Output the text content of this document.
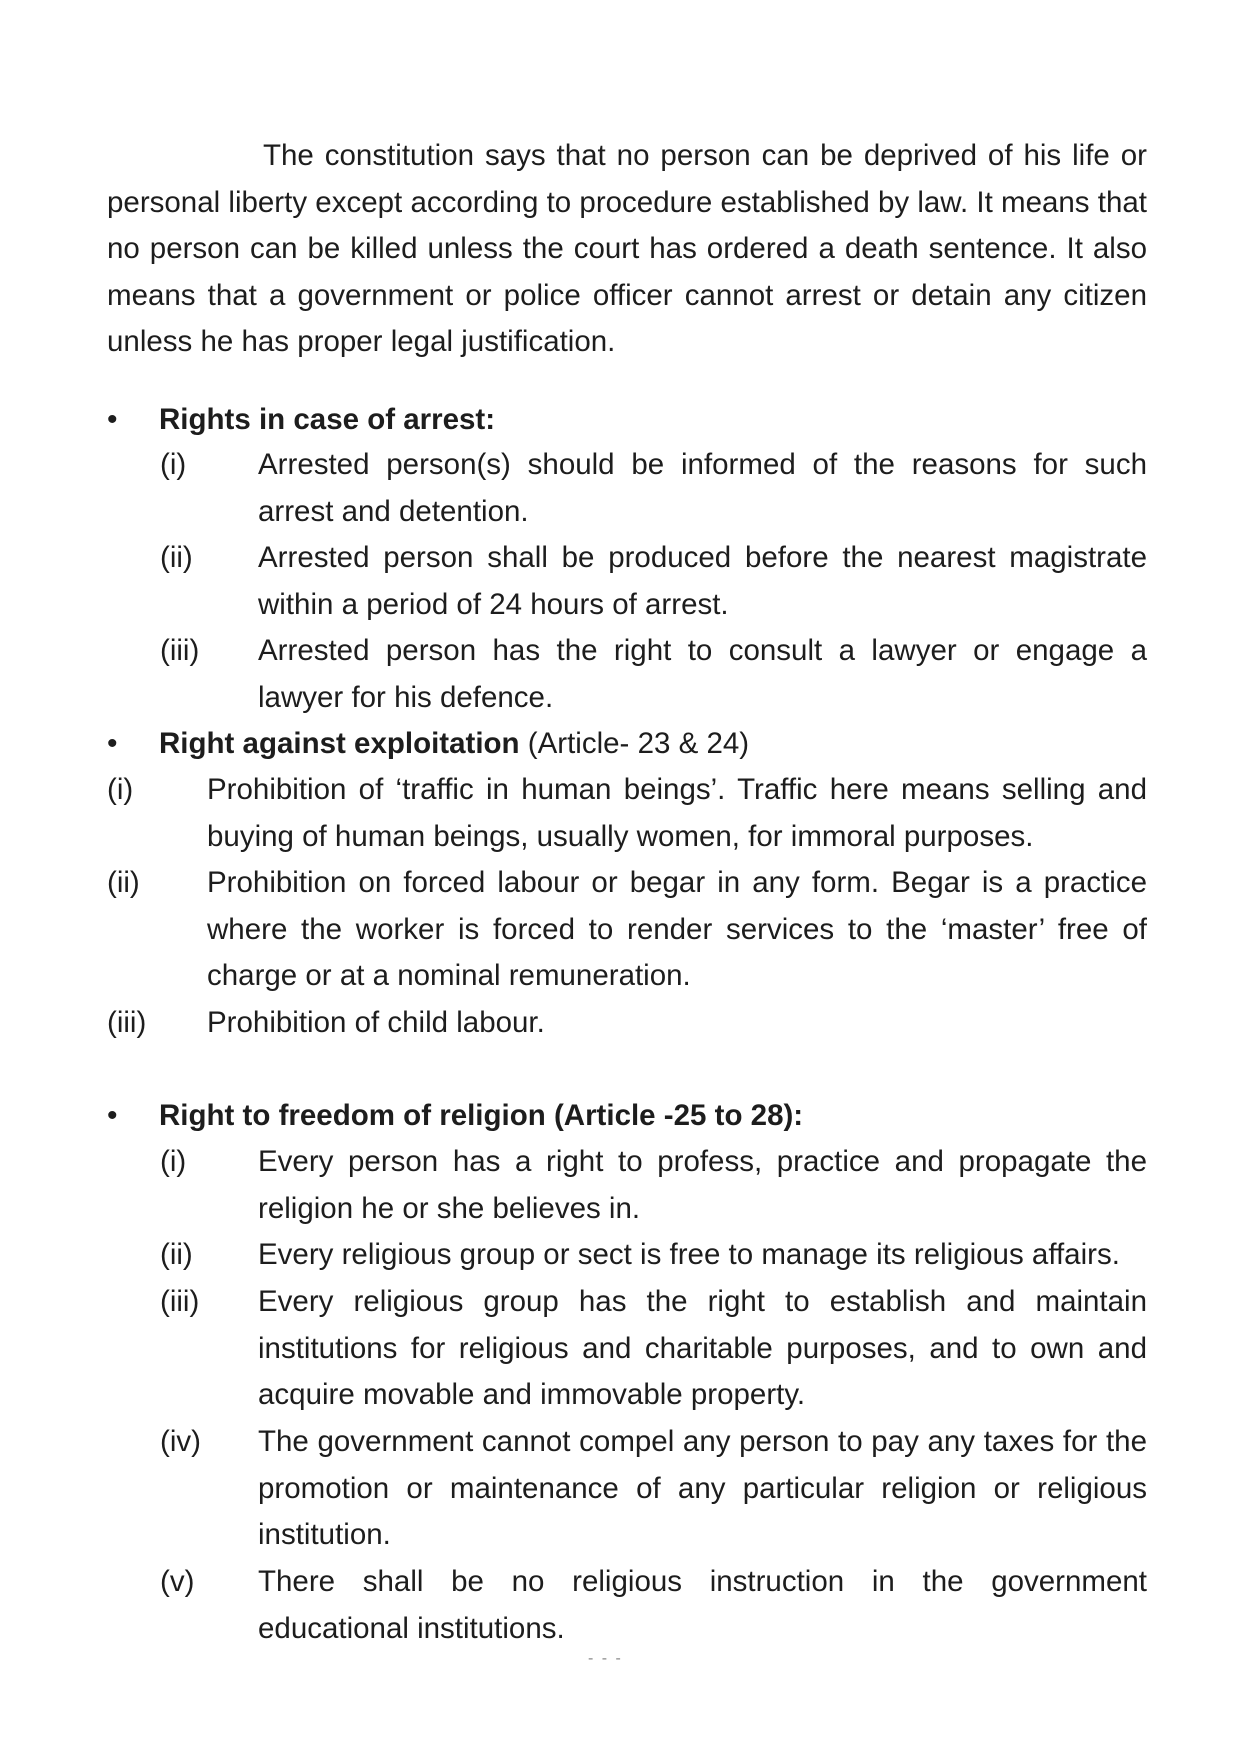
The constitution says that no person can be deprived of his life or personal liberty except according to procedure established by law. It means that no person can be killed unless the court has ordered a death sentence. It also means that a government or police officer cannot arrest or detain any citizen unless he has proper legal justification.

•	Rights in case of arrest:
(i) Arrested person(s) should be informed of the reasons for such arrest and detention.
(ii) Arrested person shall be produced before the nearest magistrate within a period of 24 hours of arrest.
(iii) Arrested person has the right to consult a lawyer or engage a lawyer for his defence.
•	Right against exploitation (Article- 23 & 24)
(i)	Prohibition of ‘traffic in human beings’. Traffic here means selling and buying of human beings, usually women, for immoral purposes.
(ii) Prohibition on forced labour or begar in any form. Begar is a practice where the worker is forced to render services to the ‘master’ free of charge or at a nominal remuneration.
(iii) Prohibition of child labour.
•	Right to freedom of religion (Article -25 to 28):
(i) Every person has a right to profess, practice and propagate the religion he or she believes in.
(ii) Every religious group or sect is free to manage its religious affairs.
(iii) Every religious group has the right to establish and maintain institutions for religious and charitable purposes, and to own and acquire movable and immovable property.
(iv) The government cannot compel any person to pay any taxes for the promotion or maintenance of any particular religion or religious institution.
(v) There shall be no religious instruction in the government educational institutions.
- - -
